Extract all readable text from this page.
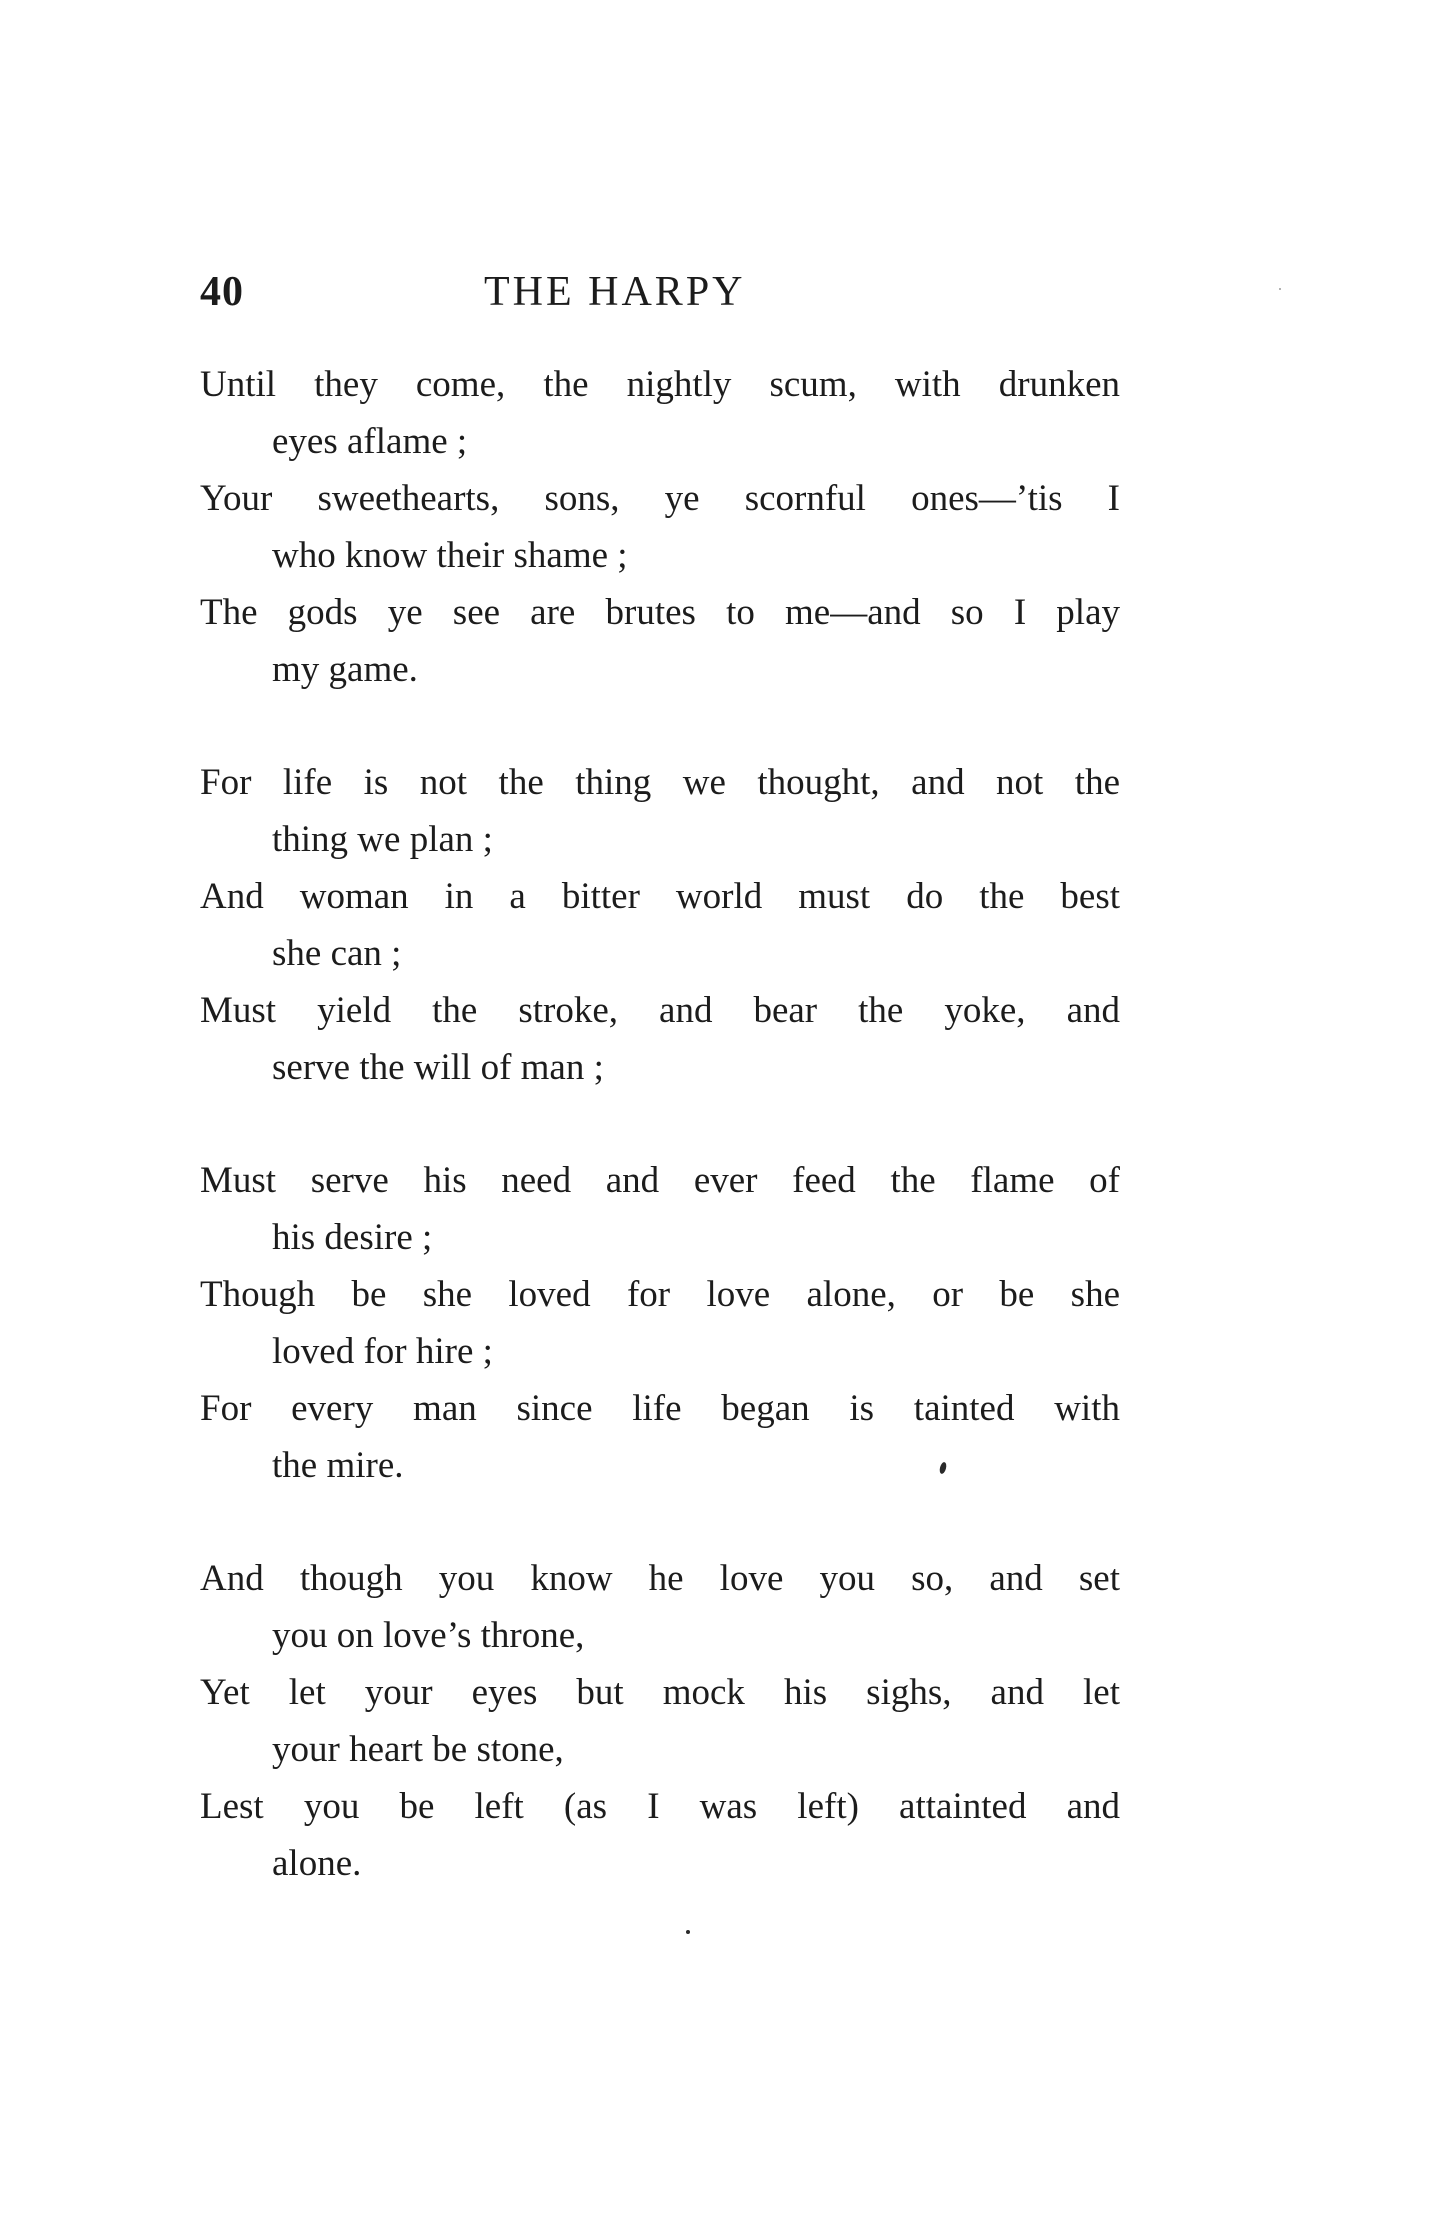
40	THE HARPY
Until they come, the nightly scum, with drunken
eyes aflame ;
Your sweethearts, sons, ye scornful ones—’tis I
who know their shame ;
The gods ye see are brutes to me—and so I play
my game.
For life is not the thing we thought, and not the
thing we plan ;
And woman in a bitter world must do the best
she can ;
Must yield the stroke, and bear the yoke, and
serve the will of man ;
Must serve his need and ever feed the flame of
his desire ;
Though be she loved for love alone, or be she
loved for hire ;
For every man since life began is tainted with
the mire.
And though you know he love you so, and set
you on love’s throne,
Yet let your eyes but mock his sighs, and let
your heart be stone,
Lest you be left (as I was left) attainted and
alone.
